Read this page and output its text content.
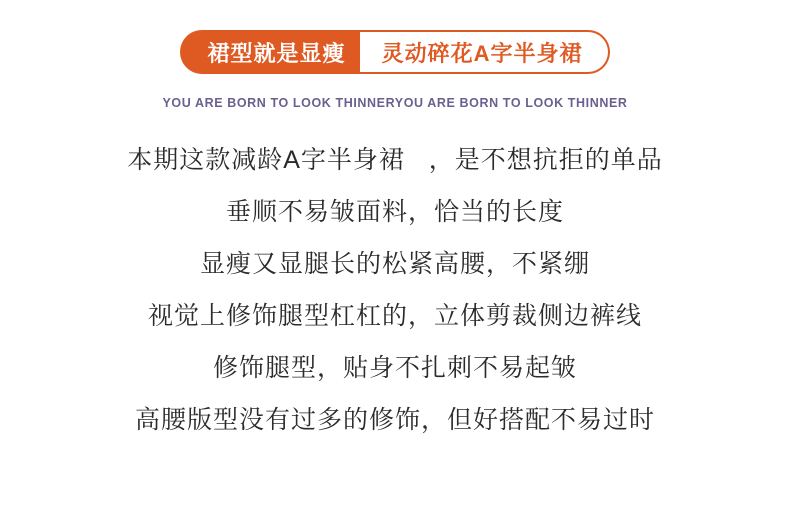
裙型就是显瘦	灵动碎花A字半身裙
YOU ARE BORN TO LOOK THINNERYOU ARE BORN TO LOOK THINNER
本期这款减龄A字半身裙   ，是不想抗拒的单品
垂顺不易皱面料，恰当的长度
显瘦又显腿长的松紧高腰，不紧绷
视觉上修饰腿型杠杠的，立体剪裁侧边裤线
修饰腿型，贴身不扎刺不易起皱
高腰版型没有过多的修饰，但好搭配不易过时
